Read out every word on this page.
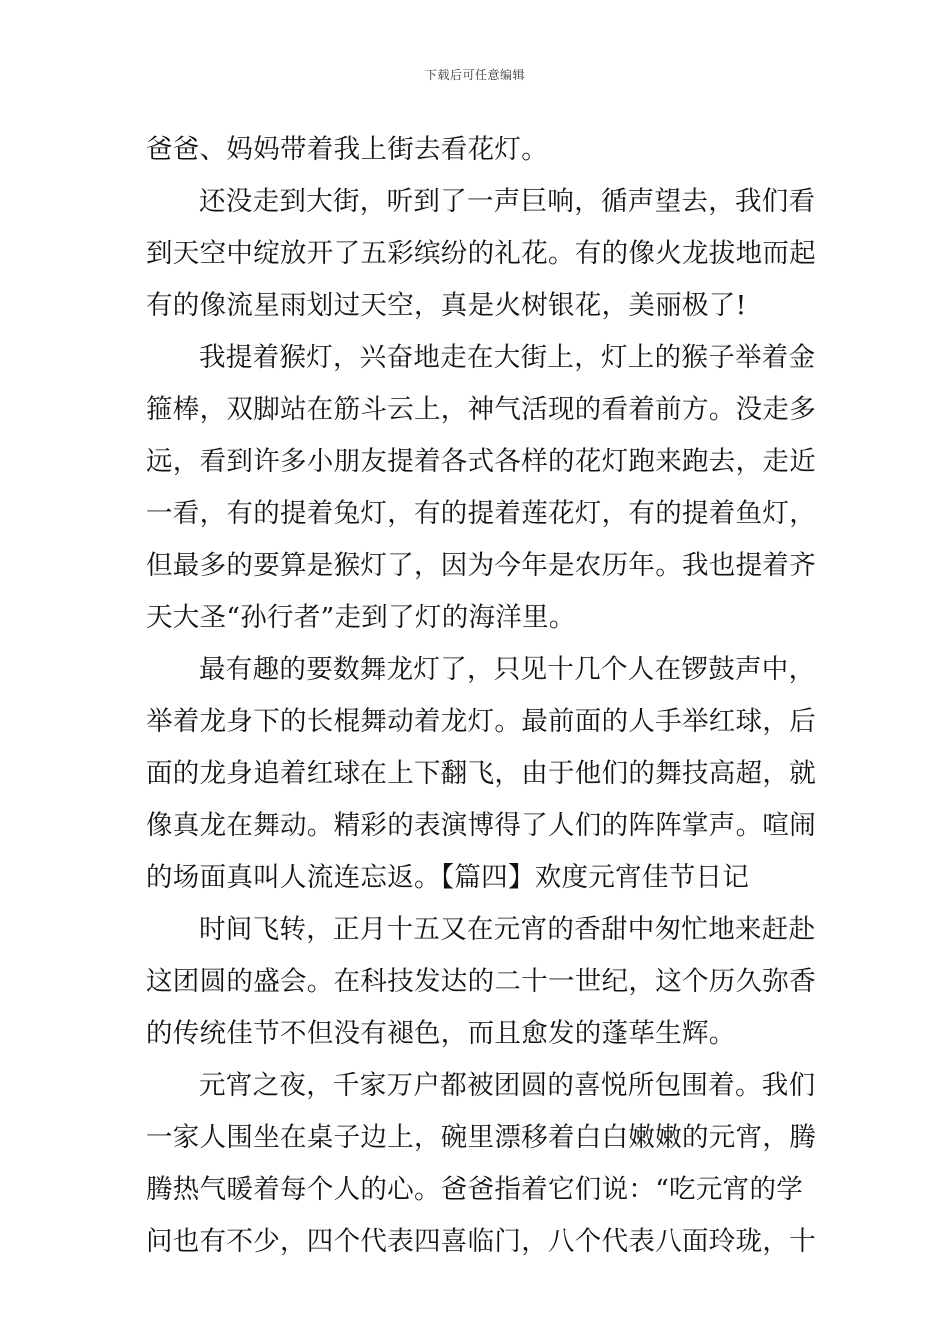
下载后可任意编辑
爸爸、妈妈带着我上街去看花灯。
还没走到大街，听到了一声巨响，循声望去，我们看
到天空中绽放开了五彩缤纷的礼花。有的像火龙拔地而起
有的像流星雨划过天空，真是火树银花，美丽极了!
我提着猴灯，兴奋地走在大街上，灯上的猴子举着金
箍棒，双脚站在筋斗云上，神气活现的看着前方。没走多
远，看到许多小朋友提着各式各样的花灯跑来跑去，走近
一看，有的提着兔灯，有的提着莲花灯，有的提着鱼灯，
但最多的要算是猴灯了，因为今年是农历年。我也提着齐
天大圣“孙行者”走到了灯的海洋里。
最有趣的要数舞龙灯了，只见十几个人在锣鼓声中，
举着龙身下的长棍舞动着龙灯。最前面的人手举红球，后
面的龙身追着红球在上下翻飞，由于他们的舞技高超，就
像真龙在舞动。精彩的表演博得了人们的阵阵掌声。喧闹
的场面真叫人流连忘返。【篇四】欢度元宵佳节日记
时间飞转，正月十五又在元宵的香甜中匆忙地来赶赴
这团圆的盛会。在科技发达的二十一世纪，这个历久弥香
的传统佳节不但没有褪色，而且愈发的蓬荜生辉。
元宵之夜，千家万户都被团圆的喜悦所包围着。我们
一家人围坐在桌子边上，碗里漂移着白白嫩嫩的元宵，腾
腾热气暖着每个人的心。爸爸指着它们说：“吃元宵的学
问也有不少，四个代表四喜临门，八个代表八面玲珑，十
